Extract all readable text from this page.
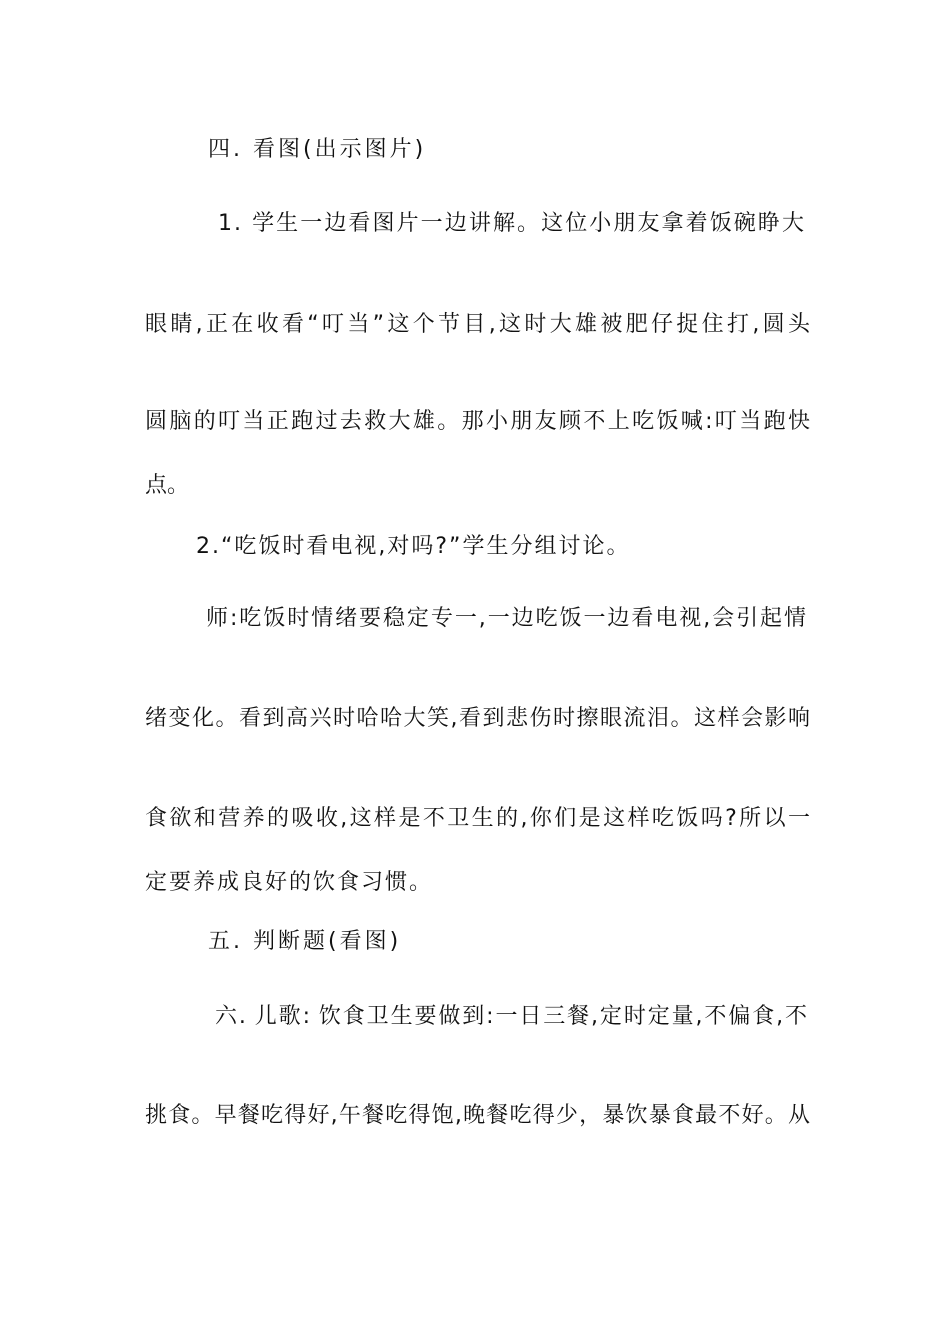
四. 看图(出示图片)
1. 学生一边看图片一边讲解。这位小朋友拿着饭碗睁大
眼睛,正在收看“叮当”这个节目,这时大雄被肥仔捉住打,圆头
圆脑的叮当正跑过去救大雄。那小朋友顾不上吃饭喊:叮当跑快
点。
2.“吃饭时看电视,对吗?”学生分组讨论。
师:吃饭时情绪要稳定专一,一边吃饭一边看电视,会引起情
绪变化。看到高兴时哈哈大笑,看到悲伤时擦眼流泪。这样会影响
食欲和营养的吸收,这样是不卫生的,你们是这样吃饭吗?所以一
定要养成良好的饮食习惯。
五. 判断题(看图)
六. 儿歌: 饮食卫生要做到:一日三餐,定时定量,不偏食,不
挑食。早餐吃得好,午餐吃得饱,晚餐吃得少，暴饮暴食最不好。从
